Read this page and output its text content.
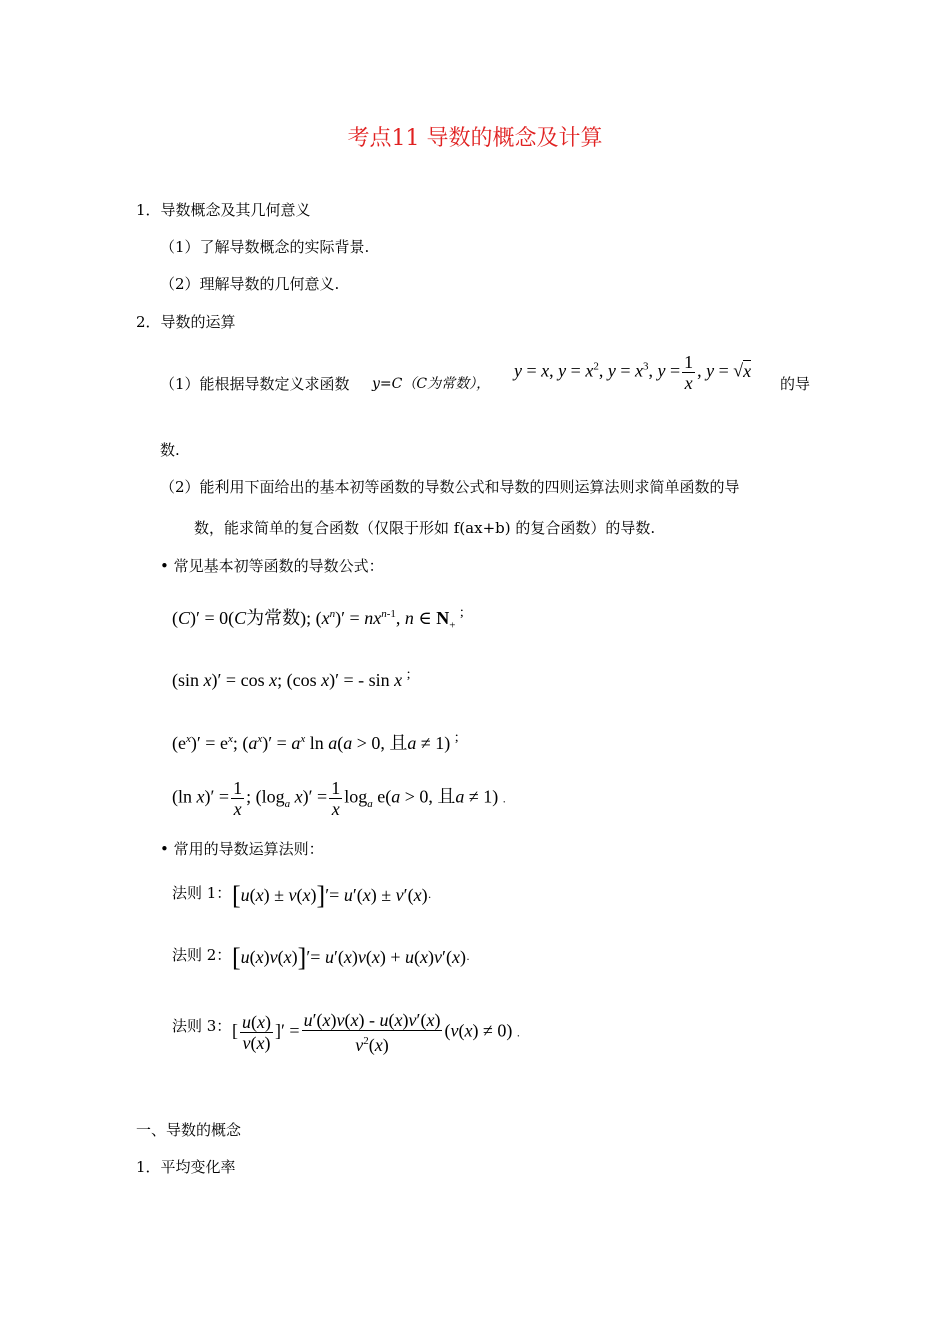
考点11 导数的概念及计算
1．导数概念及其几何意义
（1）了解导数概念的实际背景.
（2）理解导数的几何意义.
2．导数的运算
（1）能根据导数定义求函数 y=C（C为常数），
y = x, $y = x^2$, $y = x^3$, $y = \frac{1}{x}$ , y = √x
的导
数.
（2）能利用下面给出的基本初等函数的导数公式和导数的四则运算法则求简单函数的导
数，能求简单的复合函数（仅限于形如 f(ax+b) 的复合函数）的导数.
• 常见基本初等函数的导数公式：
(C)′ = 0(C为常数); $(x^n)' = nx^{n-1}$, n ∈ $N_+$ ;
(sin x)′ = cos x; (cos x)′ = - sin x ;
$(e^x)' = e^x$; $(a^x)' = a^x$ ln a(a > 0, 且a ≠ 1) ;
(ln $x)' = \frac{1}{x}$ ; ($\log_a$ $x)' = \frac{1}{x} \log_a e(a > 0$, 且a ≠ 1) .
• 常用的导数运算法则：
法则 1： [u(x) ± v(x)]′= u′(x) ± v′(x)·
法则 2： [u(x)v(x)]′= u′(x)v(x) + u(x)v′(x)·
法则 3： [ $\frac{u(x)}{v(x)}$ ]′ = $\frac{u'(x)v(x) - u(x)v'(x)}{v^2(x)} (v(x) \ne 0)$ .
一、导数的概念
1．平均变化率
